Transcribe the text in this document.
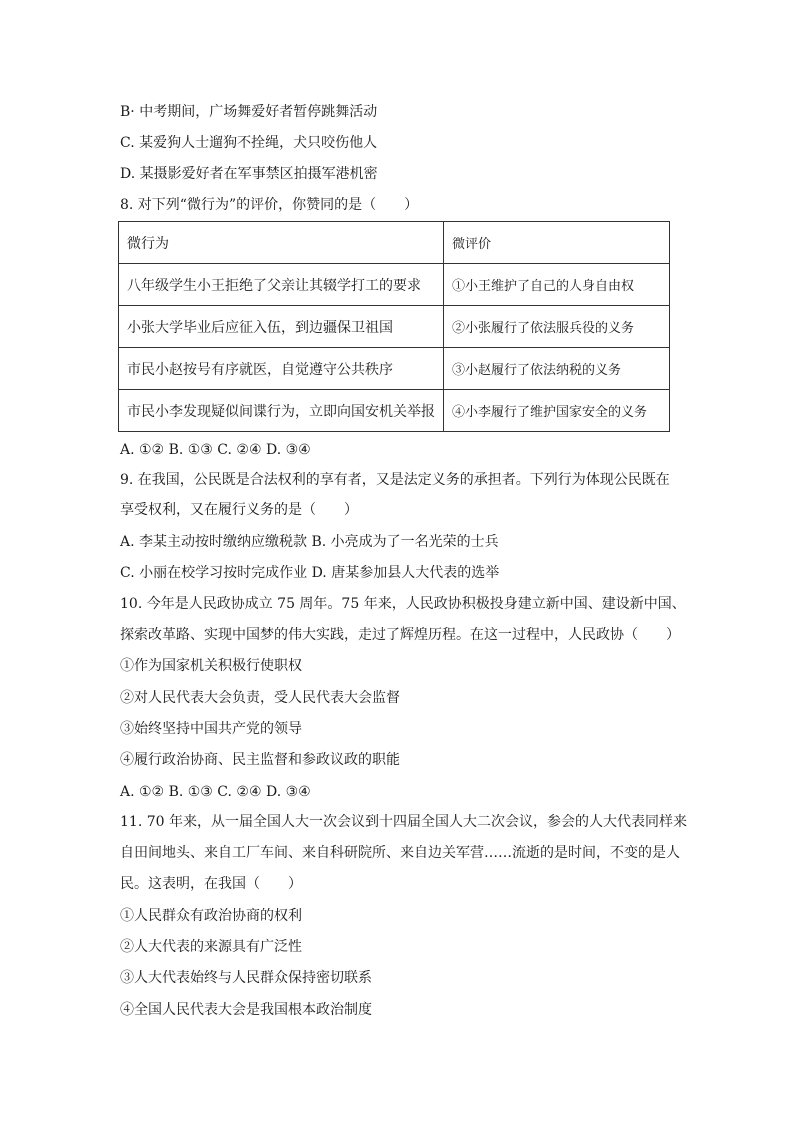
B· 中考期间，广场舞爱好者暂停跳舞活动
C. 某爱狗人士遛狗不拴绳，犬只咬伤他人
D. 某摄影爱好者在军事禁区拍摄军港机密
8. 对下列“微行为”的评价，你赞同的是（　　）
微行为	微评价
八年级学生小王拒绝了父亲让其辍学打工的要求	①小王维护了自己的人身自由权
小张大学毕业后应征入伍，到边疆保卫祖国	②小张履行了依法服兵役的义务
市民小赵按号有序就医，自觉遵守公共秩序	③小赵履行了依法纳税的义务
市民小李发现疑似间谍行为，立即向国安机关举报	④小李履行了维护国家安全的义务
A. ①② B. ①③ C. ②④ D. ③④
9. 在我国，公民既是合法权利的享有者，又是法定义务的承担者。下列行为体现公民既在
享受权利，又在履行义务的是（　　）
A. 李某主动按时缴纳应缴税款 B. 小亮成为了一名光荣的士兵
C. 小丽在校学习按时完成作业 D. 唐某参加县人大代表的选举
10. 今年是人民政协成立 75 周年。75 年来，人民政协积极投身建立新中国、建设新中国、
探索改革路、实现中国梦的伟大实践，走过了辉煌历程。在这一过程中，人民政协（　　）
①作为国家机关积极行使职权
②对人民代表大会负责，受人民代表大会监督
③始终坚持中国共产党的领导
④履行政治协商、民主监督和参政议政的职能
A. ①② B. ①③ C. ②④ D. ③④
11. 70 年来，从一届全国人大一次会议到十四届全国人大二次会议，参会的人大代表同样来
自田间地头、来自工厂车间、来自科研院所、来自边关军营……流逝的是时间，不变的是人
民。这表明，在我国（　　）
①人民群众有政治协商的权利
②人大代表的来源具有广泛性
③人大代表始终与人民群众保持密切联系
④全国人民代表大会是我国根本政治制度
